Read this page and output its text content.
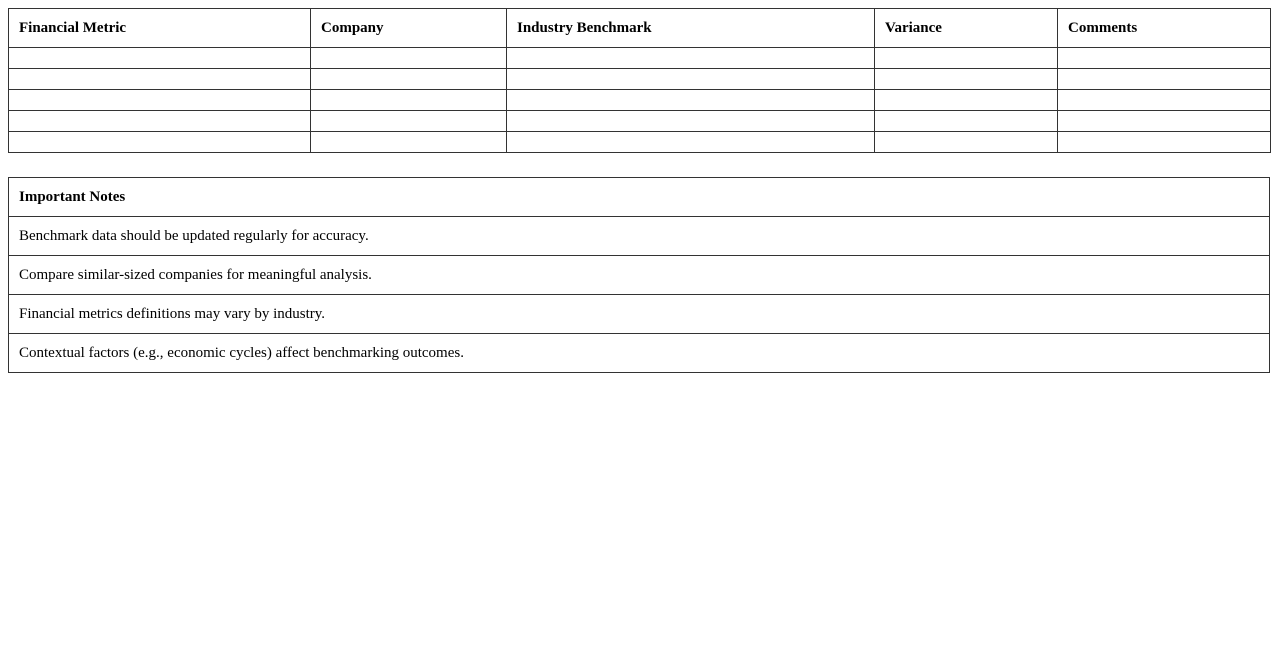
Financial Metric	Company	Industry Benchmark	Variance	Comments

Important Notes
Benchmark data should be updated regularly for accuracy.
Compare similar-sized companies for meaningful analysis.
Financial metrics definitions may vary by industry.
Contextual factors (e.g., economic cycles) affect benchmarking outcomes.
